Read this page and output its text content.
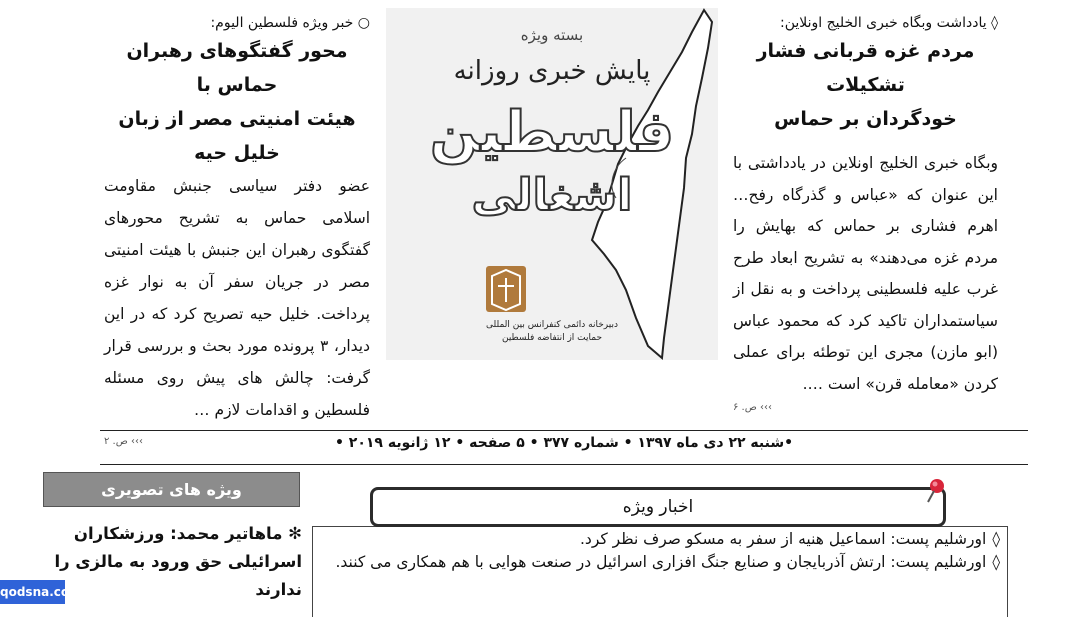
○ خبر ویژه فلسطین الیوم:
محور گفتگوهای رهبران حماس با
هیئت امنیتی مصر از زبان خلیل حیه
عضو دفتر سیاسی جنبش مقاومت اسلامی حماس به تشریح محورهای گفتگوی رهبران این جنبش با هیئت امنیتی مصر در جریان سفر آن به نوار غزه پرداخت. خلیل حیه تصریح کرد که در این دیدار، ۳ پرونده مورد بحث و بررسی قرار گرفت: چالش های پیش روی مسئله فلسطین و اقدامات لازم …
››› ص. ۲
بسته ویژه
پایش خبری روزانه
فلسطین
اشغالی
دبیرخانه دائمی کنفرانس بین المللی
حمایت از انتفاضه فلسطین
◊ یادداشت وبگاه خبری الخلیج اونلاین:
مردم غزه قربانی فشار تشکیلات
خودگردان بر حماس
وبگاه خبری الخلیج اونلاین در یادداشتی با این عنوان که «عباس و گذرگاه رفح… اهرم فشاری بر حماس که بهایش را مردم غزه می‌دهند» به تشریح ابعاد طرح غرب علیه فلسطینی پرداخت و به نقل از سیاستمداران تاکید کرد که محمود عباس (ابو مازن) مجری این توطئه برای عملی کردن «معامله قرن» است ….
››› ص. ۶
•شنبه ۲۲ دی ماه ۱۳۹۷ • شماره ۳۷۷ • ۵ صفحه • ۱۲ ژانویه ۲۰۱۹ •
ویژه های تصویری
✻ ماهاتیر محمد: ورزشکاران اسرائیلی حق ورود به مالزی را ندارند
اخبار ویژه
◊اورشلیم پست: اسماعیل هنیه از سفر به مسکو صرف نظر کرد.
◊اورشلیم پست: ارتش آذربایجان و صنایع جنگ افزاری اسرائیل در صنعت هوایی با هم همکاری می کنند.
qodsna.com
